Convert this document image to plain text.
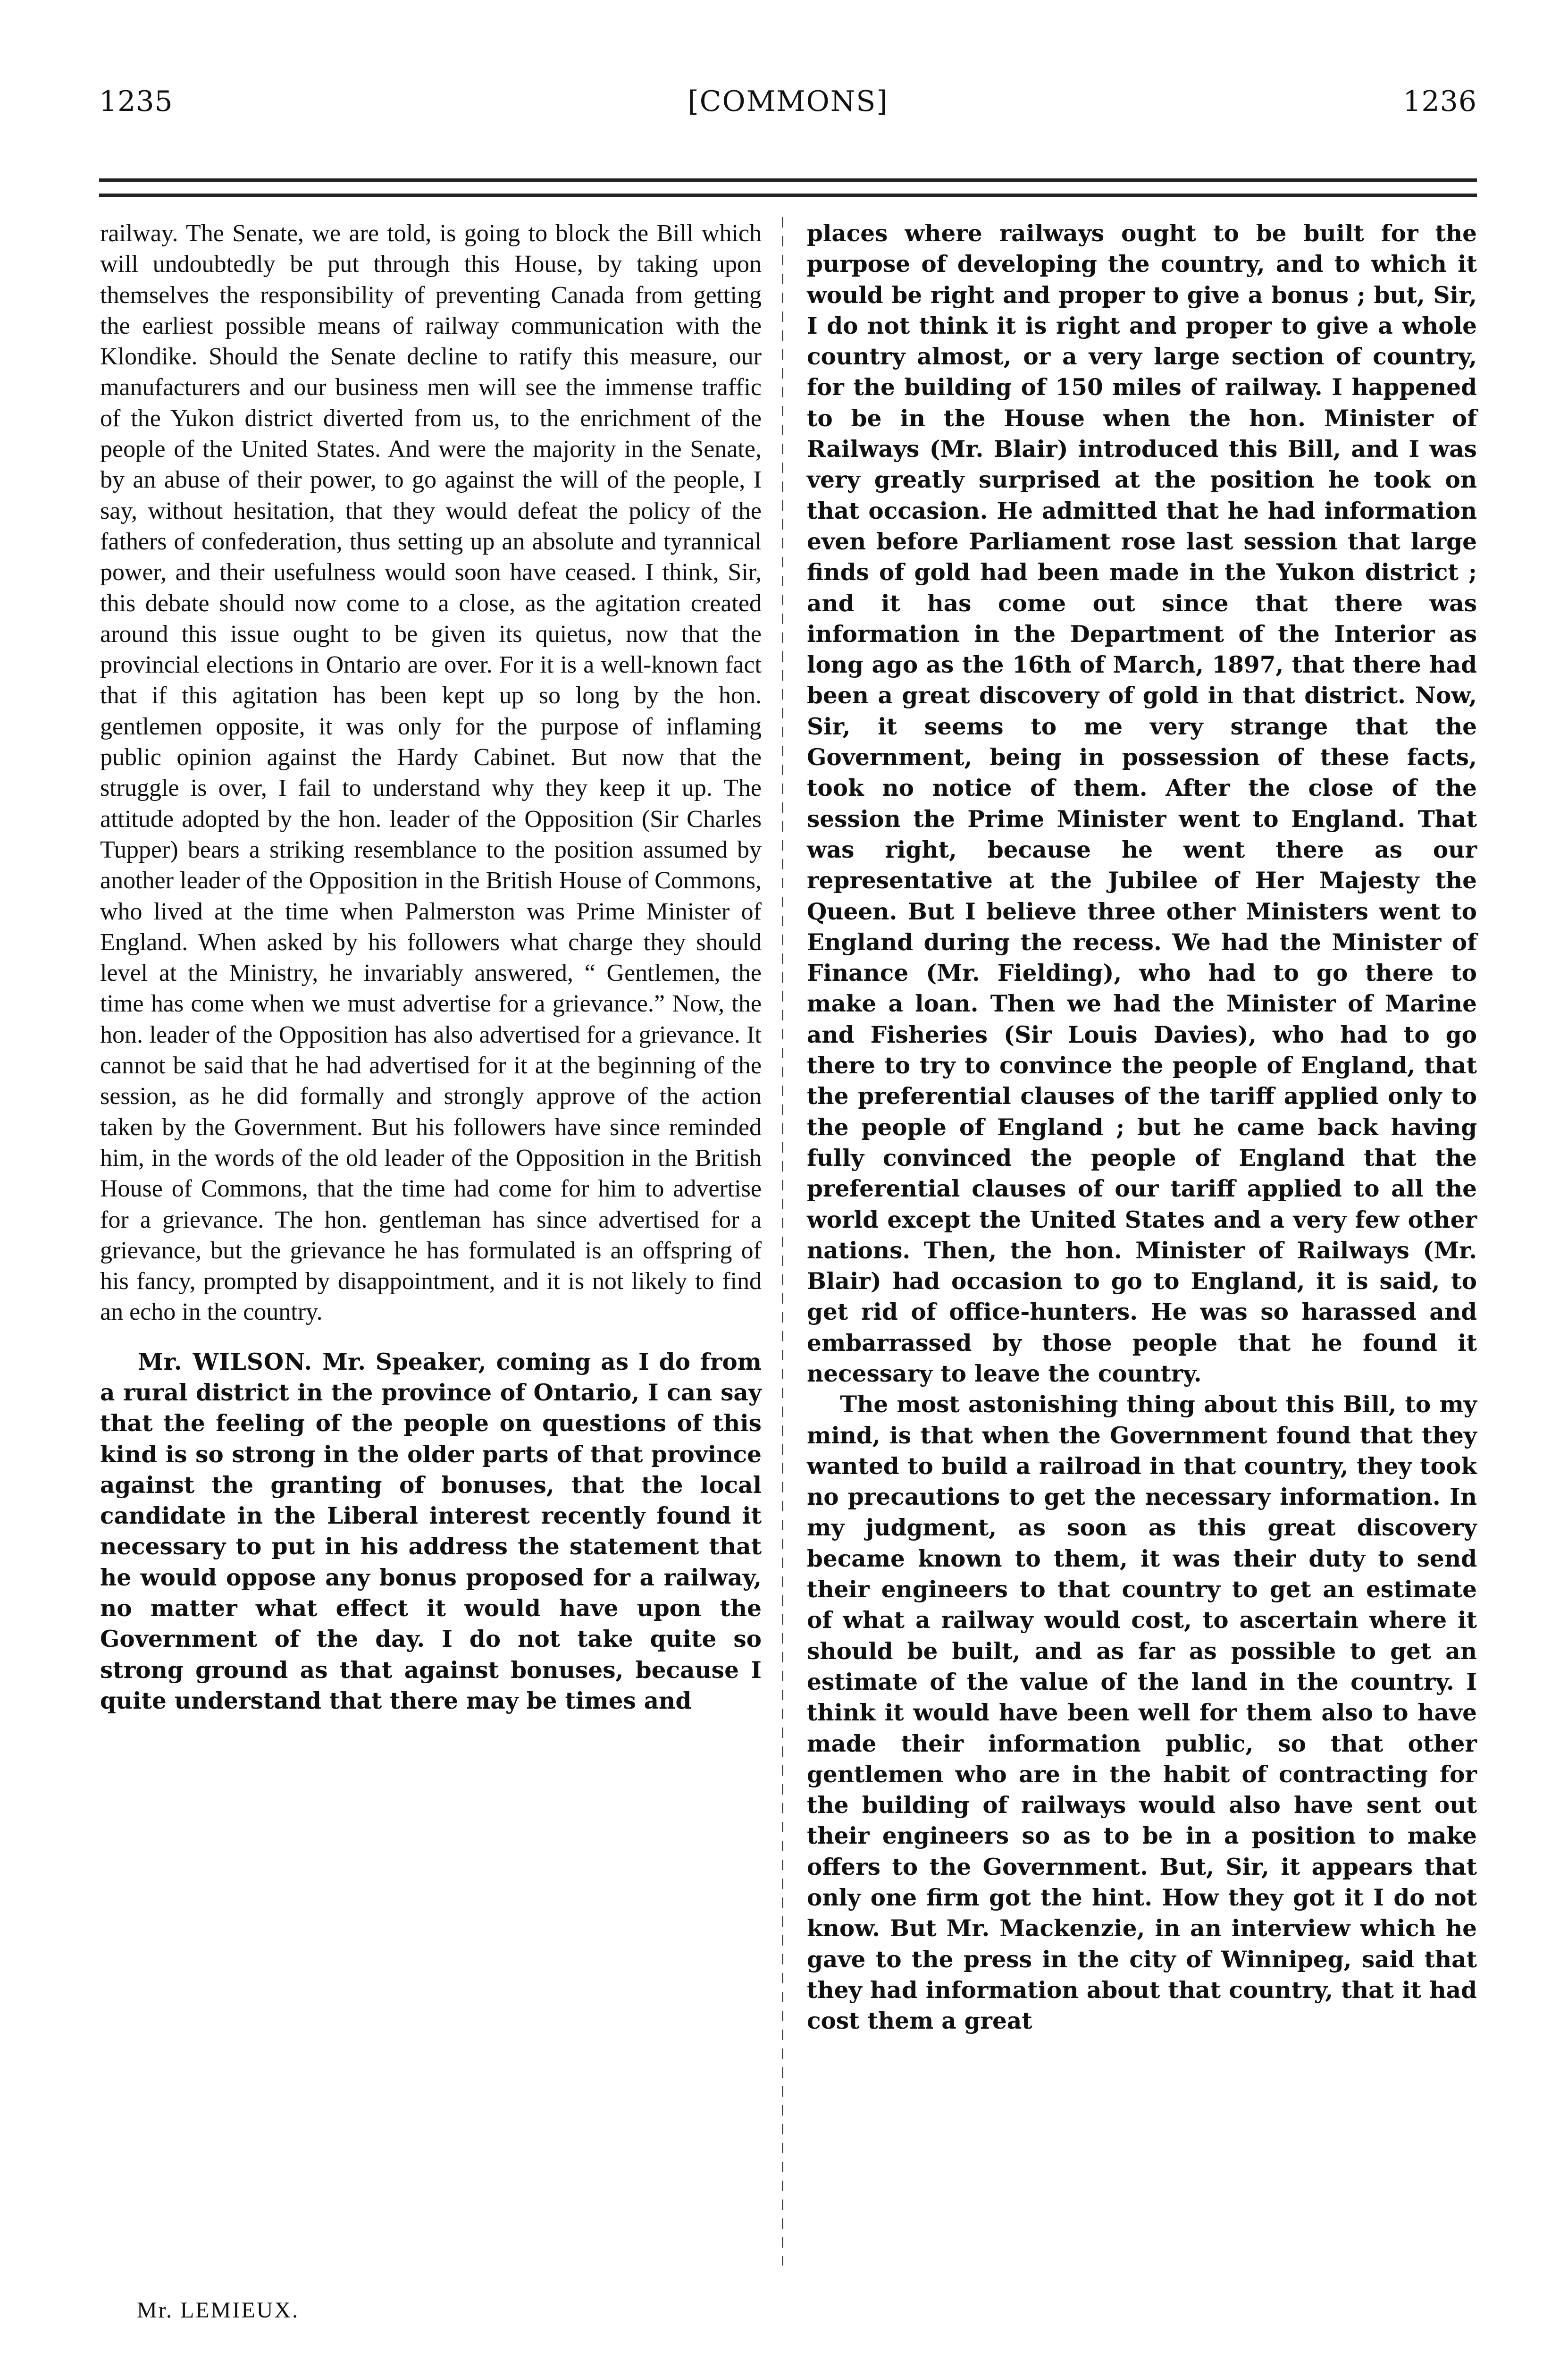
1235	[COMMONS]	1236

railway. The Senate, we are told, is going to block the Bill which will undoubtedly be put through this House, by taking upon themselves the responsibility of preventing Canada from getting the earliest possible means of railway communication with the Klondike. Should the Senate decline to ratify this measure, our manufacturers and our business men will see the immense traffic of the Yukon district diverted from us, to the enrichment of the people of the United States. And were the majority in the Senate, by an abuse of their power, to go against the will of the people, I say, without hesitation, that they would defeat the policy of the fathers of confederation, thus setting up an absolute and tyrannical power, and their usefulness would soon have ceased. I think, Sir, this debate should now come to a close, as the agitation created around this issue ought to be given its quietus, now that the provincial elections in Ontario are over. For it is a well-known fact that if this agitation has been kept up so long by the hon. gentlemen opposite, it was only for the purpose of inflaming public opinion against the Hardy Cabinet. But now that the struggle is over, I fail to understand why they keep it up. The attitude adopted by the hon. leader of the Opposition (Sir Charles Tupper) bears a striking resemblance to the position assumed by another leader of the Opposition in the British House of Commons, who lived at the time when Palmerston was Prime Minister of England. When asked by his followers what charge they should level at the Ministry, he invariably answered, “ Gentlemen, the time has come when we must advertise for a grievance.” Now, the hon. leader of the Opposition has also advertised for a grievance. It cannot be said that he had advertised for it at the beginning of the session, as he did formally and strongly approve of the action taken by the Government. But his followers have since reminded him, in the words of the old leader of the Opposition in the British House of Commons, that the time had come for him to advertise for a grievance. The hon. gentleman has since advertised for a grievance, but the grievance he has formulated is an offspring of his fancy, prompted by disappointment, and it is not likely to find an echo in the country.

Mr. WILSON. Mr. Speaker, coming as I do from a rural district in the province of Ontario, I can say that the feeling of the people on questions of this kind is so strong in the older parts of that province against the granting of bonuses, that the local candidate in the Liberal interest recently found it necessary to put in his address the statement that he would oppose any bonus proposed for a railway, no matter what effect it would have upon the Government of the day. I do not take quite so strong ground as that against bonuses, because I quite understand that there may be times and

places where railways ought to be built for the purpose of developing the country, and to which it would be right and proper to give a bonus ; but, Sir, I do not think it is right and proper to give a whole country almost, or a very large section of country, for the building of 150 miles of railway. I happened to be in the House when the hon. Minister of Railways (Mr. Blair) introduced this Bill, and I was very greatly surprised at the position he took on that occasion. He admitted that he had information even before Parliament rose last session that large finds of gold had been made in the Yukon district ; and it has come out since that there was information in the Department of the Interior as long ago as the 16th of March, 1897, that there had been a great discovery of gold in that district. Now, Sir, it seems to me very strange that the Government, being in possession of these facts, took no notice of them. After the close of the session the Prime Minister went to England. That was right, because he went there as our representative at the Jubilee of Her Majesty the Queen. But I believe three other Ministers went to England during the recess. We had the Minister of Finance (Mr. Fielding), who had to go there to make a loan. Then we had the Minister of Marine and Fisheries (Sir Louis Davies), who had to go there to try to convince the people of England, that the preferential clauses of the tariff applied only to the people of England ; but he came back having fully convinced the people of England that the preferential clauses of our tariff applied to all the world except the United States and a very few other nations. Then, the hon. Minister of Railways (Mr. Blair) had occasion to go to England, it is said, to get rid of office-hunters. He was so harassed and embarrassed by those people that he found it necessary to leave the country.

The most astonishing thing about this Bill, to my mind, is that when the Government found that they wanted to build a railroad in that country, they took no precautions to get the necessary information. In my judgment, as soon as this great discovery became known to them, it was their duty to send their engineers to that country to get an estimate of what a railway would cost, to ascertain where it should be built, and as far as possible to get an estimate of the value of the land in the country. I think it would have been well for them also to have made their information public, so that other gentlemen who are in the habit of contracting for the building of railways would also have sent out their engineers so as to be in a position to make offers to the Government. But, Sir, it appears that only one firm got the hint. How they got it I do not know. But Mr. Mackenzie, in an interview which he gave to the press in the city of Winnipeg, said that they had information about that country, that it had cost them a great

Mr. LEMIEUX.
